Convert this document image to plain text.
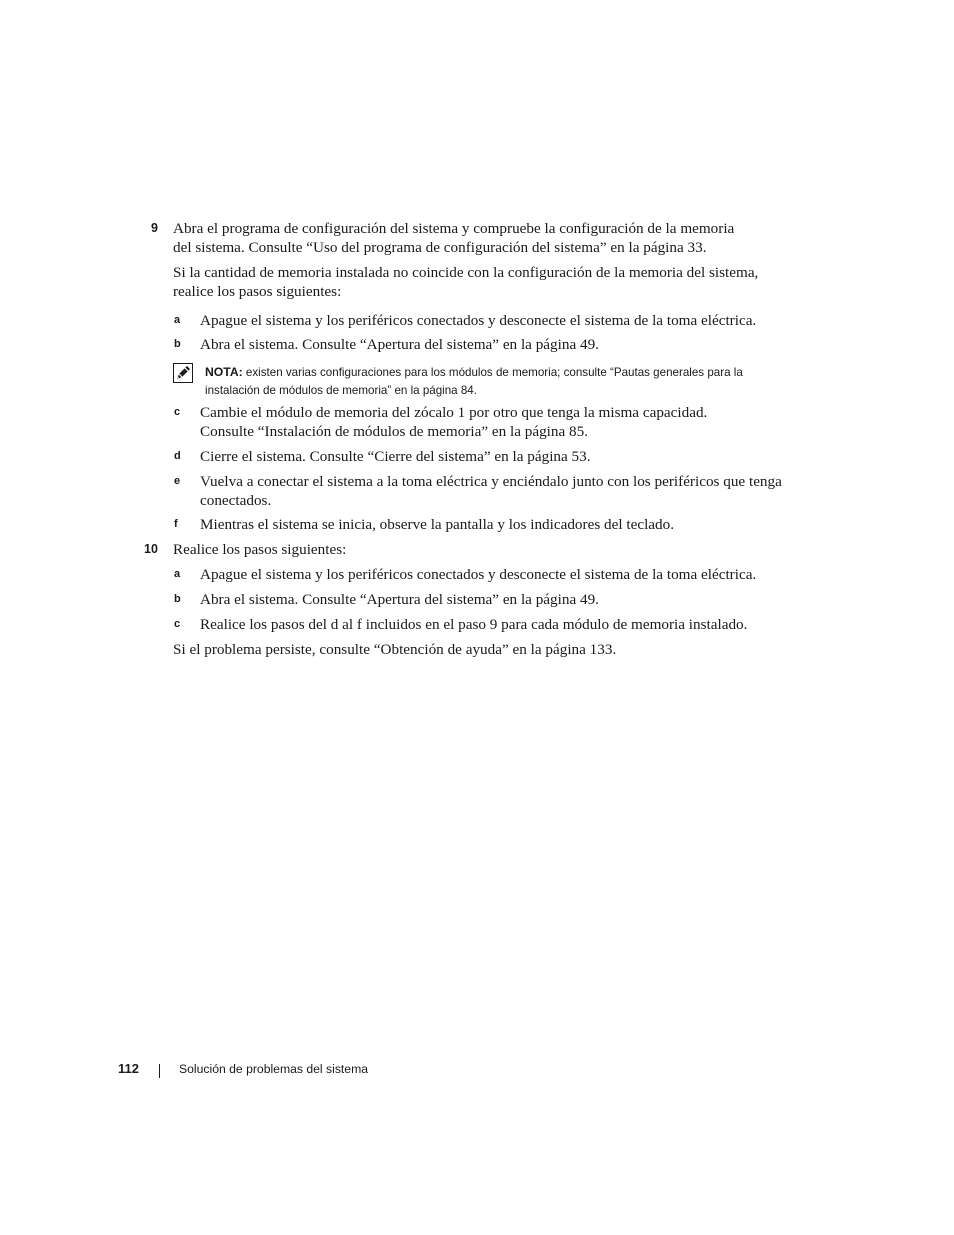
9 Abra el programa de configuración del sistema y compruebe la configuración de la memoria
del sistema. Consulte “Uso del programa de configuración del sistema” en la página 33.
Si la cantidad de memoria instalada no coincide con la configuración de la memoria del sistema,
realice los pasos siguientes:
a Apague el sistema y los periféricos conectados y desconecte el sistema de la toma eléctrica.
b Abra el sistema. Consulte “Apertura del sistema” en la página 49.
NOTA: existen varias configuraciones para los módulos de memoria; consulte “Pautas generales para la
instalación de módulos de memoria” en la página 84.
c Cambie el módulo de memoria del zócalo 1 por otro que tenga la misma capacidad.
Consulte “Instalación de módulos de memoria” en la página 85.
d Cierre el sistema. Consulte “Cierre del sistema” en la página 53.
e Vuelva a conectar el sistema a la toma eléctrica y enciéndalo junto con los periféricos que tenga
conectados.
f Mientras el sistema se inicia, observe la pantalla y los indicadores del teclado.
10 Realice los pasos siguientes:
a Apague el sistema y los periféricos conectados y desconecte el sistema de la toma eléctrica.
b Abra el sistema. Consulte “Apertura del sistema” en la página 49.
c Realice los pasos del d al f incluidos en el paso 9 para cada módulo de memoria instalado.
Si el problema persiste, consulte “Obtención de ayuda” en la página 133.
112	Solución de problemas del sistema
